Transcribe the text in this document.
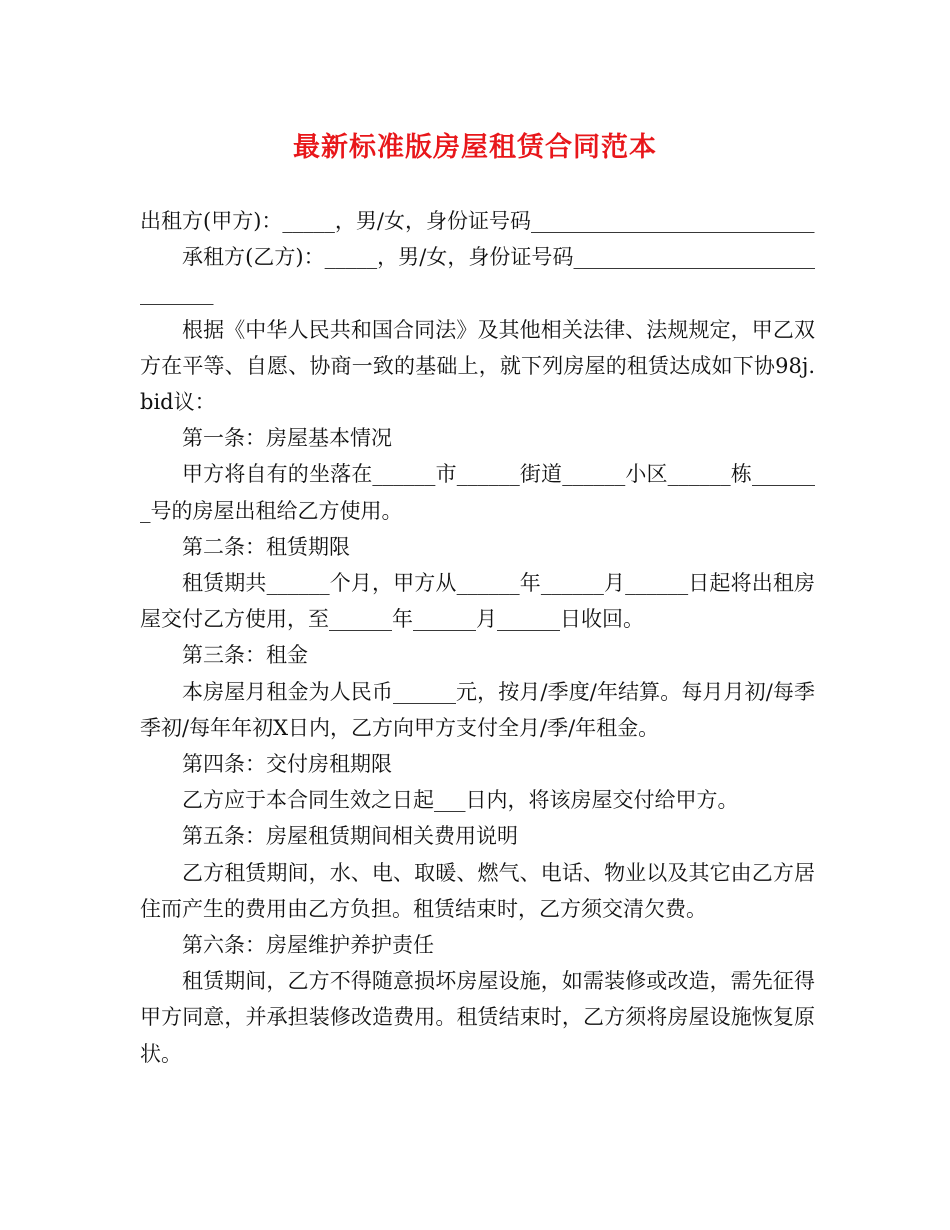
最新标准版房屋租赁合同范本

出租方(甲方)：_____，男/女，身份证号码___________________________

承租方(乙方)：_____，男/女，身份证号码______________________________

根据《中华人民共和国合同法》及其他相关法律、法规规定，甲乙双方在平等、自愿、协商一致的基础上，就下列房屋的租赁达成如下协98j.bid议：

第一条：房屋基本情况

甲方将自有的坐落在______市______街道______小区______栋_______号的房屋出租给乙方使用。

第二条：租赁期限

租赁期共______个月，甲方从______年______月______日起将出租房屋交付乙方使用，至______年______月______日收回。

第三条：租金

本房屋月租金为人民币______元，按月/季度/年结算。每月月初/每季季初/每年年初X日内，乙方向甲方支付全月/季/年租金。

第四条：交付房租期限

乙方应于本合同生效之日起___日内，将该房屋交付给甲方。

第五条：房屋租赁期间相关费用说明

乙方租赁期间，水、电、取暖、燃气、电话、物业以及其它由乙方居住而产生的费用由乙方负担。租赁结束时，乙方须交清欠费。

第六条：房屋维护养护责任

租赁期间，乙方不得随意损坏房屋设施，如需装修或改造，需先征得甲方同意，并承担装修改造费用。租赁结束时，乙方须将房屋设施恢复原状。
